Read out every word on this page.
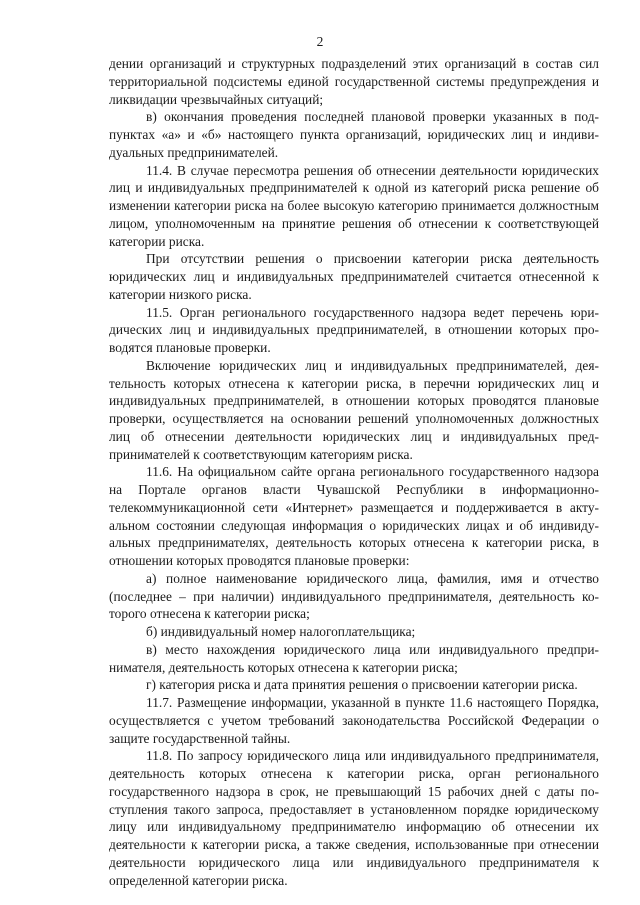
2

дении организаций и структурных подразделений этих организаций в состав сил территориальной подсистемы единой государственной системы предупреждения и ликвидации чрезвычайных ситуаций;

в) окончания проведения последней плановой проверки указанных в подпунктах «а» и «б» настоящего пункта организаций, юридических лиц и индивидуальных предпринимателей.

11.4. В случае пересмотра решения об отнесении деятельности юридических лиц и индивидуальных предпринимателей к одной из категорий риска решение об изменении категории риска на более высокую категорию принимается должностным лицом, уполномоченным на принятие решения об отнесении к соответствующей категории риска.

При отсутствии решения о присвоении категории риска деятельность юридических лиц и индивидуальных предпринимателей считается отнесенной к категории низкого риска.

11.5. Орган регионального государственного надзора ведет перечень юридических лиц и индивидуальных предпринимателей, в отношении которых проводятся плановые проверки.

Включение юридических лиц и индивидуальных предпринимателей, деятельность которых отнесена к категории риска, в перечни юридических лиц и индивидуальных предпринимателей, в отношении которых проводятся плановые проверки, осуществляется на основании решений уполномоченных должностных лиц об отнесении деятельности юридических лиц и индивидуальных предпринимателей к соответствующим категориям риска.

11.6. На официальном сайте органа регионального государственного надзора на Портале органов власти Чувашской Республики в информационно-телекоммуникационной сети «Интернет» размещается и поддерживается в актуальном состоянии следующая информация о юридических лицах и об индивидуальных предпринимателях, деятельность которых отнесена к категории риска, в отношении которых проводятся плановые проверки:

а) полное наименование юридического лица, фамилия, имя и отчество (последнее – при наличии) индивидуального предпринимателя, деятельность которого отнесена к категории риска;

б) индивидуальный номер налогоплательщика;

в) место нахождения юридического лица или индивидуального предпринимателя, деятельность которых отнесена к категории риска;

г) категория риска и дата принятия решения о присвоении категории риска.

11.7. Размещение информации, указанной в пункте 11.6 настоящего Порядка, осуществляется с учетом требований законодательства Российской Федерации о защите государственной тайны.

11.8. По запросу юридического лица или индивидуального предпринимателя, деятельность которых отнесена к категории риска, орган регионального государственного надзора в срок, не превышающий 15 рабочих дней с даты поступления такого запроса, предоставляет в установленном порядке юридическому лицу или индивидуальному предпринимателю информацию об отнесении их деятельности к категории риска, а также сведения, использованные при отнесении деятельности юридического лица или индивидуального предпринимателя к определенной категории риска.
